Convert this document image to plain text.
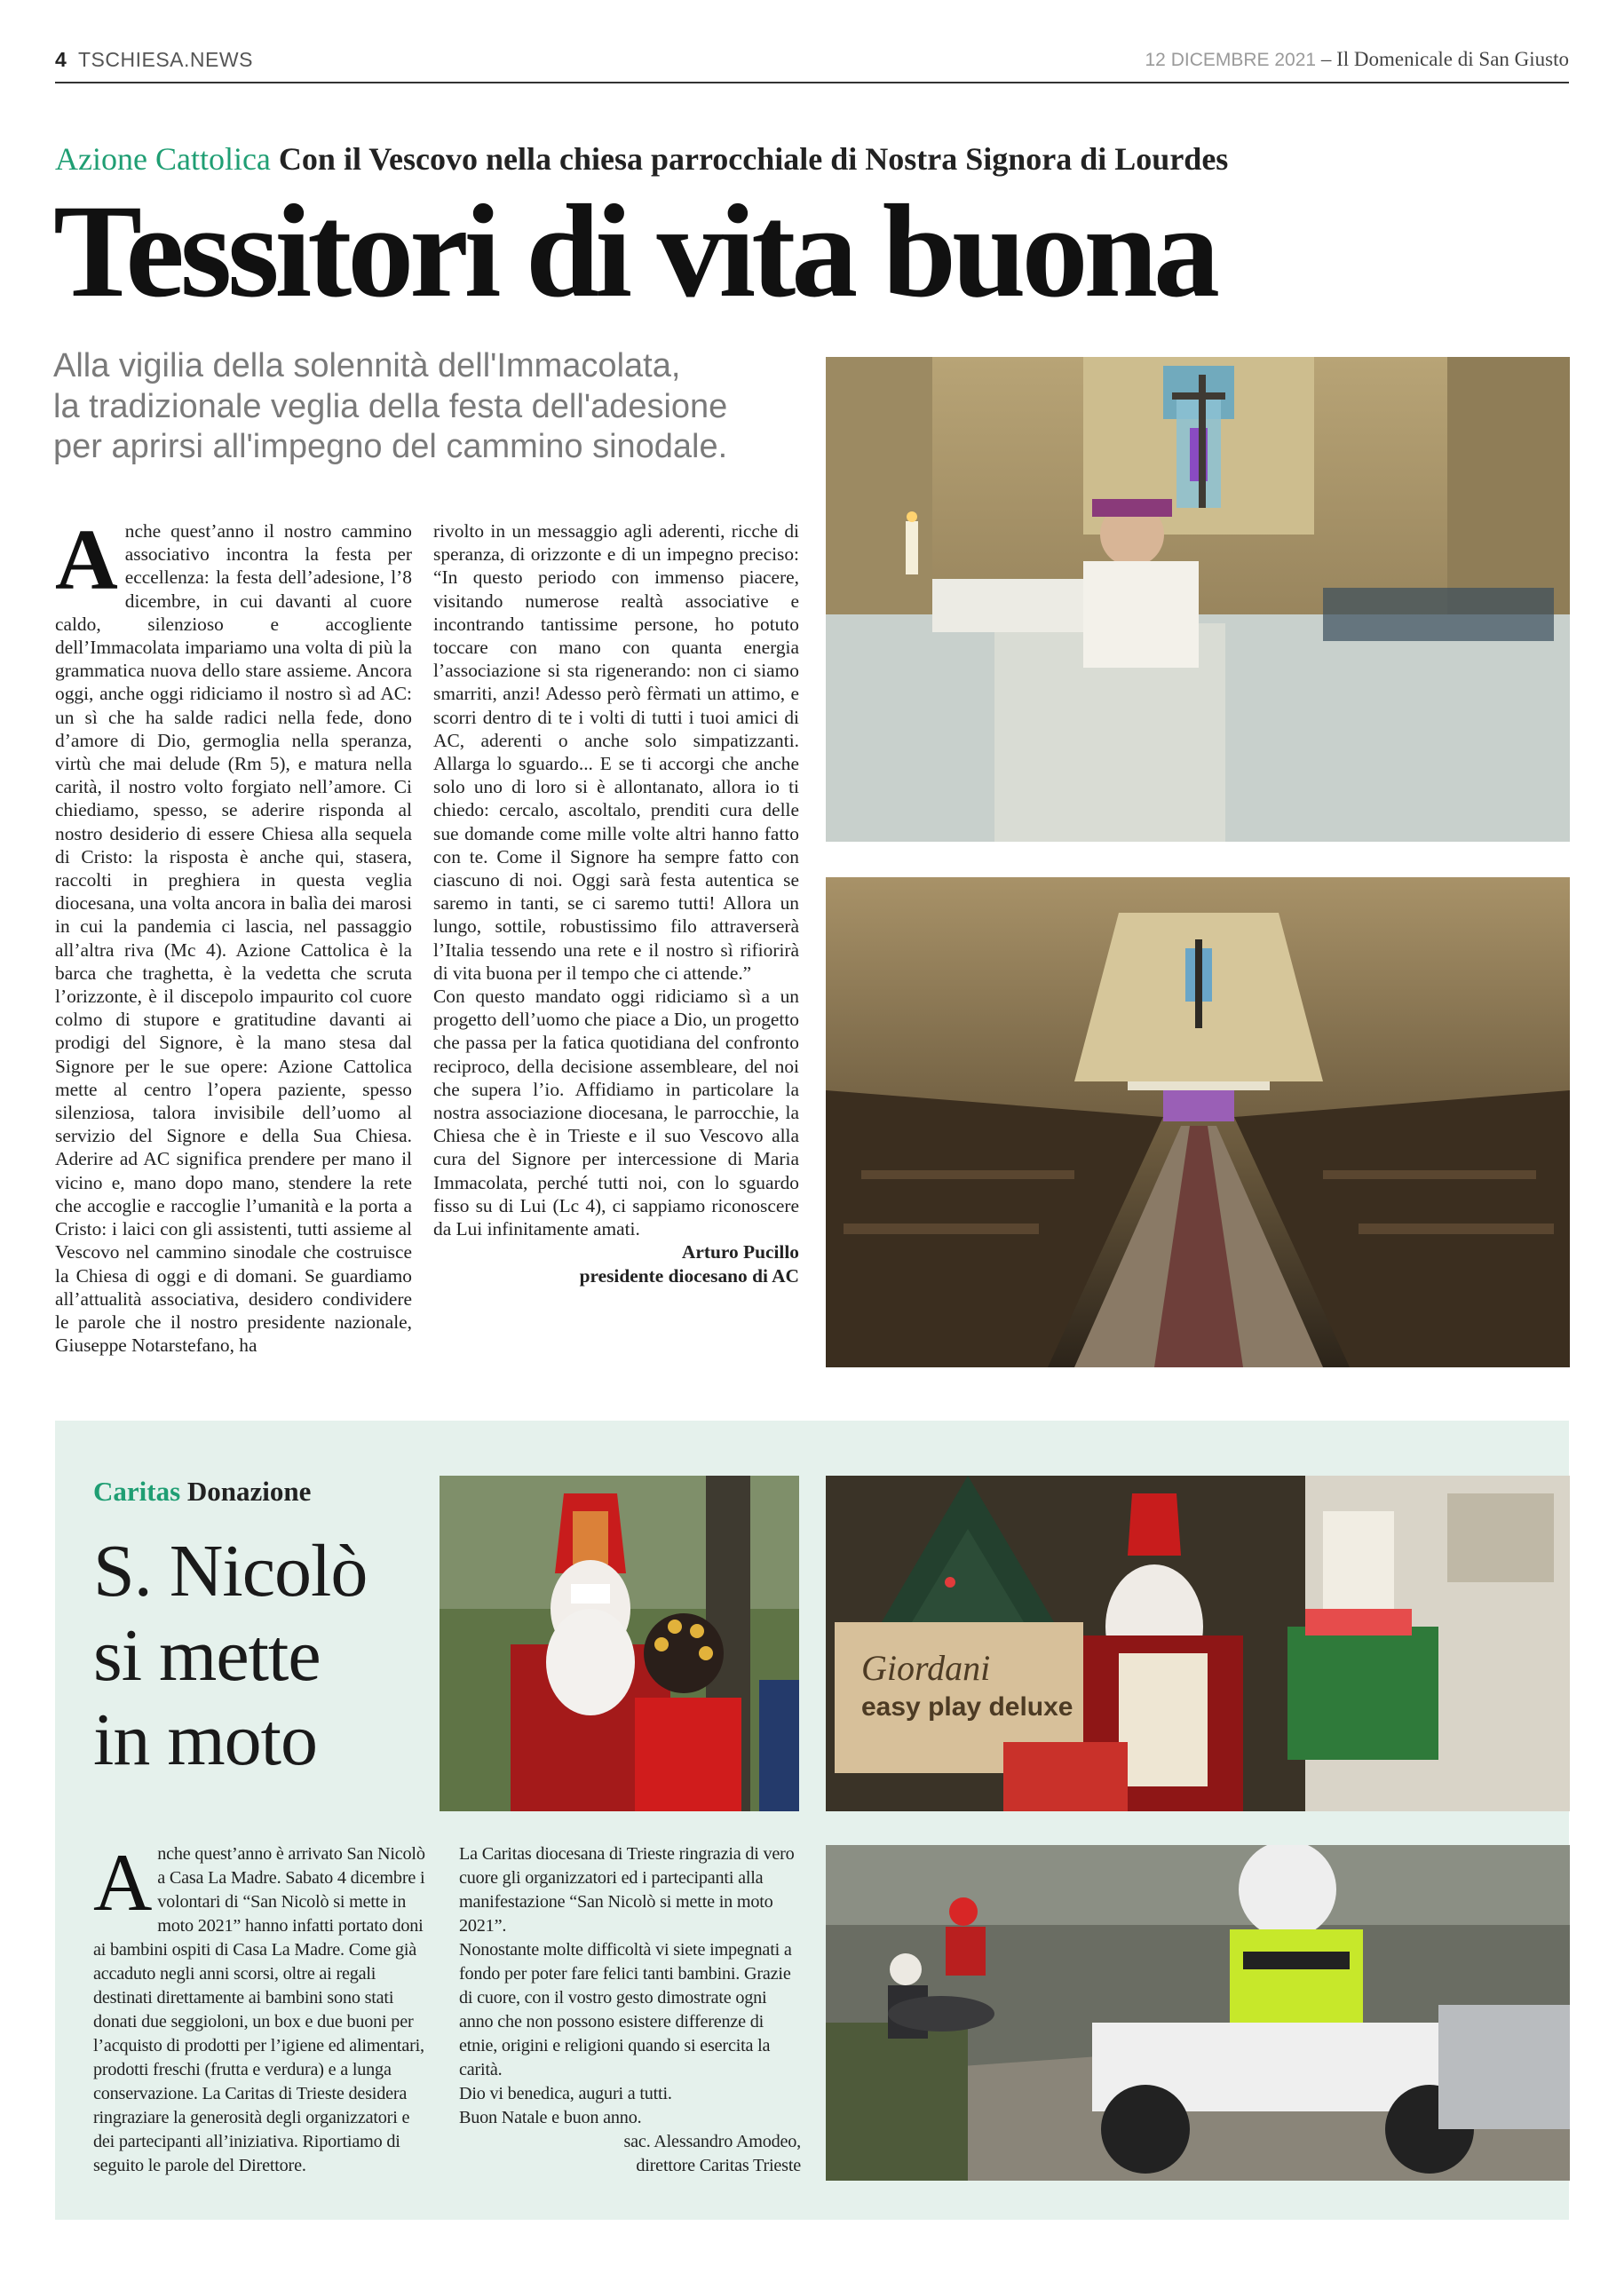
4 TSCHIESA.NEWS	12 DICEMBRE 2021 – Il Domenicale di San Giusto
Azione Cattolica Con il Vescovo nella chiesa parrocchiale di Nostra Signora di Lourdes
Tessitori di vita buona
Alla vigilia della solennità dell'Immacolata,
la tradizionale veglia della festa dell'adesione
per aprirsi all'impegno del cammino sinodale.
A nche quest’anno il nostro cammino associativo incontra la festa per eccellenza: la festa dell’adesione, l’8 dicembre, in cui davanti al cuore caldo, silenzioso e accogliente dell’Immacolata impariamo una volta di più la grammatica nuova dello stare assieme. Ancora oggi, anche oggi ridiciamo il nostro sì ad AC: un sì che ha salde radici nella fede, dono d’amore di Dio, germoglia nella speranza, virtù che mai delude (Rm 5), e matura nella carità, il nostro volto forgiato nell’amore. Ci chiediamo, spesso, se aderire risponda al nostro desiderio di essere Chiesa alla sequela di Cristo: la risposta è anche qui, stasera, raccolti in preghiera in questa veglia diocesana, una volta ancora in balìa dei marosi in cui la pandemia ci lascia, nel passaggio all’altra riva (Mc 4). Azione Cattolica è la barca che traghetta, è la vedetta che scruta l’orizzonte, è il discepolo impaurito col cuore colmo di stupore e gratitudine davanti ai prodigi del Signore, è la mano stesa dal Signore per le sue opere: Azione Cattolica mette al centro l’opera paziente, spesso silenziosa, talora invisibile dell’uomo al servizio del Signore e della Sua Chiesa. Aderire ad AC significa prendere per mano il vicino e, mano dopo mano, stendere la rete che accoglie e raccoglie l’umanità e la porta a Cristo: i laici con gli assistenti, tutti assieme al Vescovo nel cammino sinodale che costruisce la Chiesa di oggi e di domani. Se guardiamo all’attualità associativa, desidero condividere le parole che il nostro presidente nazionale, Giuseppe Notarstefano, ha

rivolto in un messaggio agli aderenti, ricche di speranza, di orizzonte e di un impegno preciso: “In questo periodo con immenso piacere, visitando numerose realtà associative e incontrando tantissime persone, ho potuto toccare con mano con quanta energia l’associazione si sta rigenerando: non ci siamo smarriti, anzi! Adesso però fèrmati un attimo, e scorri dentro di te i volti di tutti i tuoi amici di AC, aderenti o anche solo simpatizzanti. Allarga lo sguardo... E se ti accorgi che anche solo uno di loro si è allontanato, allora io ti chiedo: cercalo, ascoltalo, prenditi cura delle sue domande come mille volte altri hanno fatto con te. Come il Signore ha sempre fatto con ciascuno di noi. Oggi sarà festa autentica se saremo in tanti, se ci saremo tutti! Allora un lungo, sottile, robustissimo filo attraverserà l’Italia tessendo una rete e il nostro sì rifiorirà di vita buona per il tempo che ci attende.”

Con questo mandato oggi ridiciamo sì a un progetto dell’uomo che piace a Dio, un progetto che passa per la fatica quotidiana del confronto reciproco, della decisione assembleare, del noi che supera l’io. Affidiamo in particolare la nostra associazione diocesana, le parrocchie, la Chiesa che è in Trieste e il suo Vescovo alla cura del Signore per intercessione di Maria Immacolata, perché tutti noi, con lo sguardo fisso su di Lui (Lc 4), ci sappiamo riconoscere da Lui infinitamente amati.

Arturo Pucillo

presidente diocesano di AC

Caritas Donazione
S. Nicolò
si mette
in moto
Giordani
easy play deluxe
A nche quest’anno è arrivato San Nicolò a Casa La Madre. Sabato 4 dicembre i volontari di “San Nicolò si mette in moto 2021” hanno infatti portato doni ai bambini ospiti di Casa La Madre. Come già accaduto negli anni scorsi, oltre ai regali destinati direttamente ai bambini sono stati donati due seggioloni, un box e due buoni per l’acquisto di prodotti per l’igiene ed alimentari, prodotti freschi (frutta e verdura) e a lunga conservazione. La Caritas di Trieste desidera ringraziare la generosità degli organizzatori e dei partecipanti all’iniziativa. Riportiamo di seguito le parole del Direttore.

La Caritas diocesana di Trieste ringrazia di vero cuore gli organizzatori ed i partecipanti alla manifestazione “San Nicolò si mette in moto 2021”.

Nonostante molte difficoltà vi siete impegnati a fondo per poter fare felici tanti bambini. Grazie di cuore, con il vostro gesto dimostrate ogni anno che non possono esistere differenze di etnie, origini e religioni quando si esercita la carità.

Dio vi benedica, auguri a tutti.

Buon Natale e buon anno.

sac. Alessandro Amodeo,

direttore Caritas Trieste
